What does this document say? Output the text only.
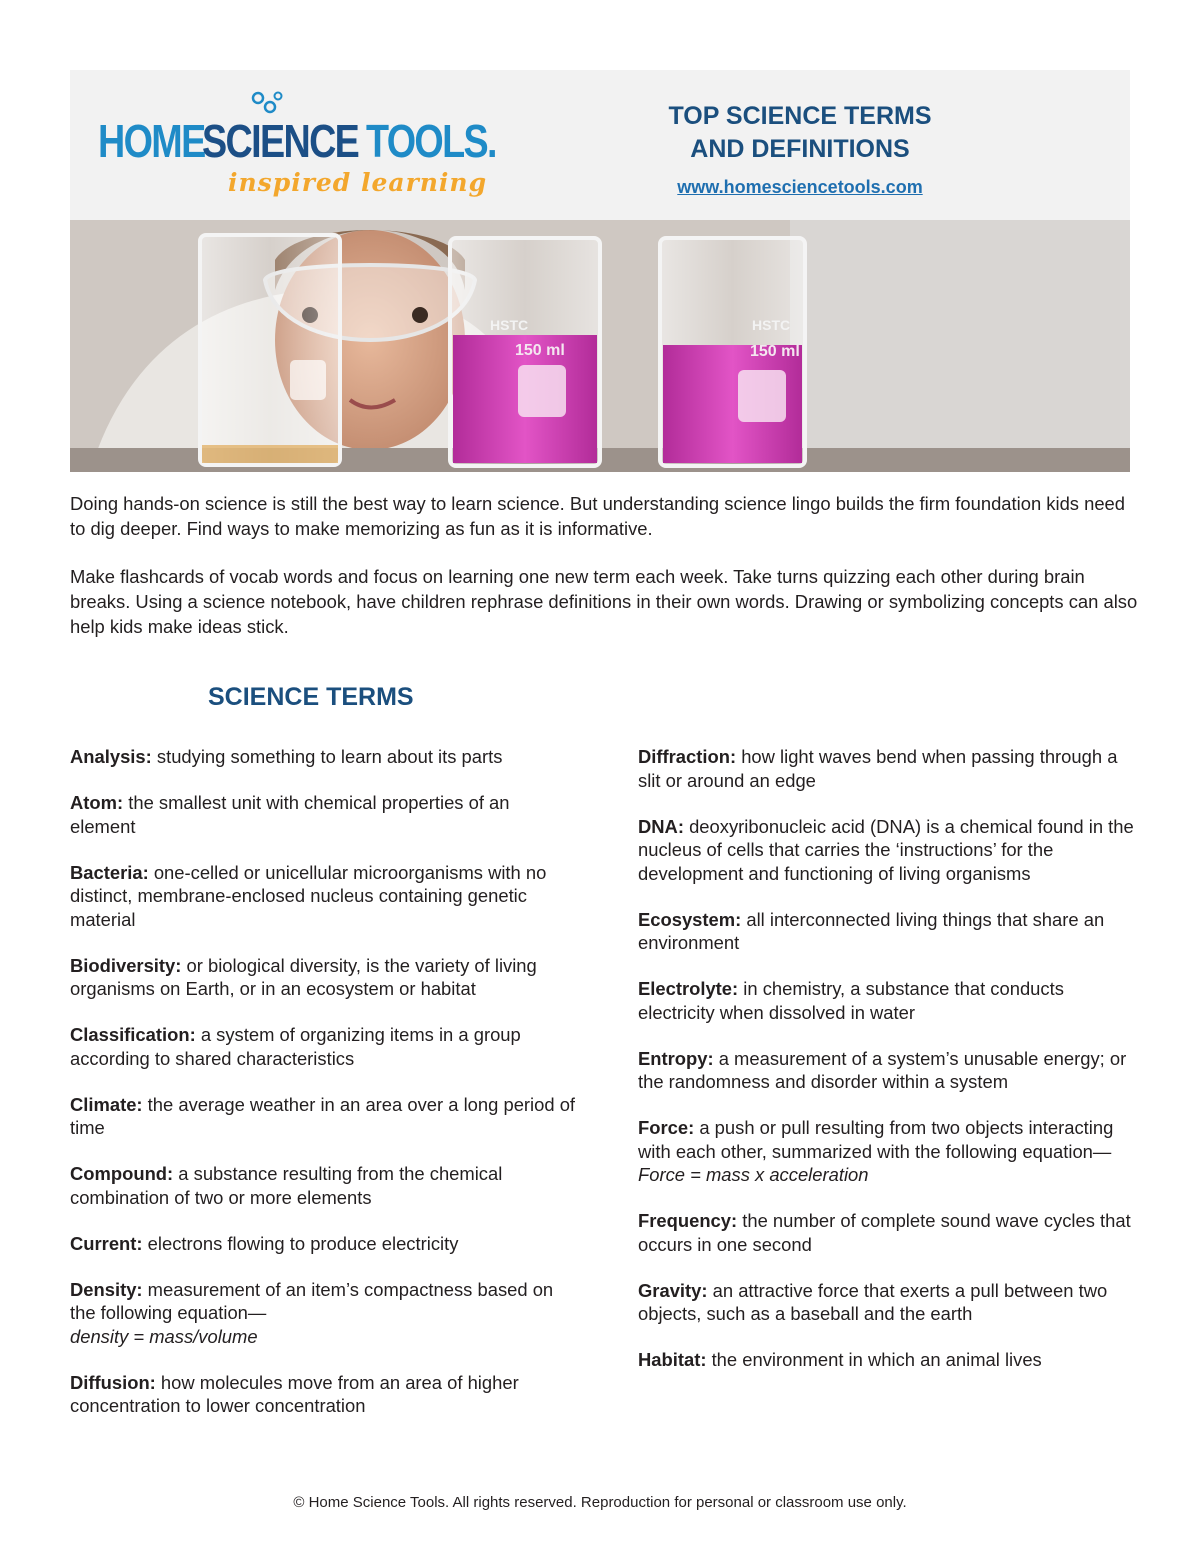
HOME
SCIENCE TOOLS.
inspired learning
TOP SCIENCE TERMS
AND DEFINITIONS
www.homesciencetools.com
150 ml
HSTC
150 ml
HSTC

Doing hands-on science is still the best way to learn science. But understanding science lingo builds the firm foundation kids need to dig deeper. Find ways to make memorizing as fun as it is informative.

Make flashcards of vocab words and focus on learning one new term each week. Take turns quizzing each other during brain breaks. Using a science notebook, have children rephrase definitions in their own words. Drawing or symbolizing concepts can also help kids make ideas stick.

SCIENCE TERMS

Analysis: studying something to learn about its parts

Atom: the smallest unit with chemical properties of an element

Bacteria: one-celled or unicellular microorganisms with no distinct, membrane-enclosed nucleus containing genetic material

Biodiversity: or biological diversity, is the variety of living organisms on Earth, or in an ecosystem or habitat

Classification: a system of organizing items in a group according to shared characteristics

Climate: the average weather in an area over a long period of time

Compound: a substance resulting from the chemical combination of two or more elements

Current: electrons flowing to produce electricity

Density: measurement of an item’s compactness based on the following equation—
density = mass/volume

Diffusion: how molecules move from an area of higher concentration to lower concentration

Diffraction: how light waves bend when passing through a slit or around an edge

DNA: deoxyribonucleic acid (DNA) is a chemical found in the nucleus of cells that carries the ‘instructions’ for the development and functioning of living organisms

Ecosystem: all interconnected living things that share an environment

Electrolyte: in chemistry, a substance that conducts electricity when dissolved in water

Entropy: a measurement of a system’s unusable energy; or the randomness and disorder within a system

Force: a push or pull resulting from two objects interacting with each other, summarized with the following equation— Force = mass x acceleration

Frequency: the number of complete sound wave cycles that occurs in one second

Gravity: an attractive force that exerts a pull between two objects, such as a baseball and the earth

Habitat: the environment in which an animal lives

© Home Science Tools. All rights reserved. Reproduction for personal or classroom use only.
